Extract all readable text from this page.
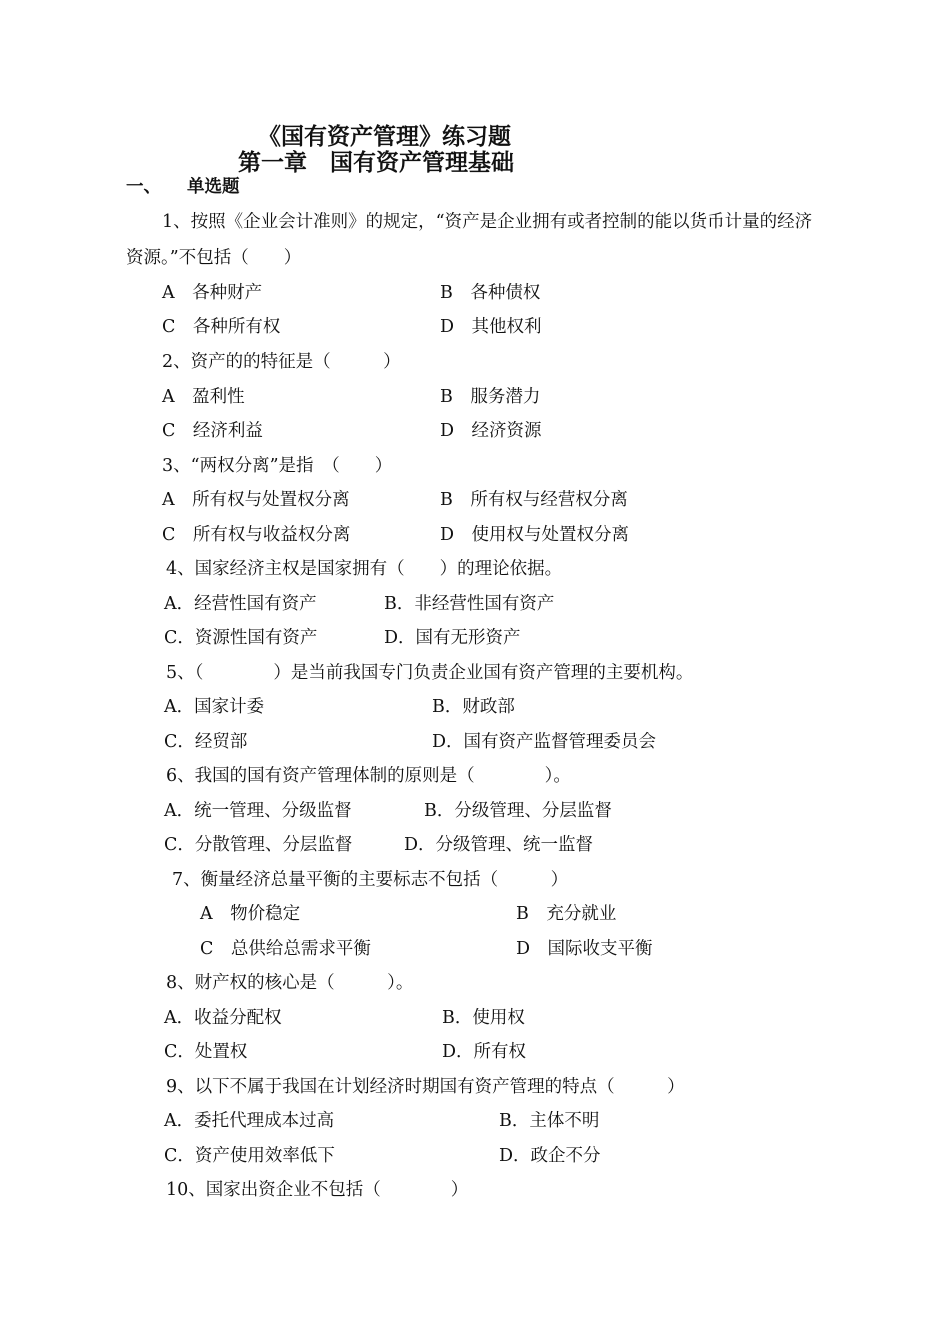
《国有资产管理》练习题
第一章　国有资产管理基础
一、 单选题
1、按照《企业会计准则》的规定，“资产是企业拥有或者控制的能以货币计量的经济
资源。”不包括（　　）
A　各种财产	B　各种债权
C　各种所有权	D　其他权利
2、资产的的特征是（　　　）
A　盈利性	B　服务潜力
C　经济利益	D　经济资源
3、“两权分离”是指　（　　）
A　所有权与处置权分离	B　所有权与经营权分离
C　所有权与收益权分离	D　使用权与处置权分离
4、国家经济主权是国家拥有（　　）的理论依据。
A．经营性国有资产	B．非经营性国有资产
C．资源性国有资产	D．国有无形资产
5、（　　　　）是当前我国专门负责企业国有资产管理的主要机构。
A．国家计委	B．财政部
C．经贸部	D．国有资产监督管理委员会
6、我国的国有资产管理体制的原则是（　　　　）。
A．统一管理、分级监督	B．分级管理、分层监督
C．分散管理、分层监督	D．分级管理、统一监督
7、衡量经济总量平衡的主要标志不包括（　　　）
A　物价稳定	B　充分就业
C　总供给总需求平衡	D　国际收支平衡
8、财产权的核心是（　　　）。
A．收益分配权	B．使用权
C．处置权	D．所有权
9、以下不属于我国在计划经济时期国有资产管理的特点（　　　）
A．委托代理成本过高	B．主体不明
C．资产使用效率低下	D．政企不分
10、国家出资企业不包括（　　　　）
